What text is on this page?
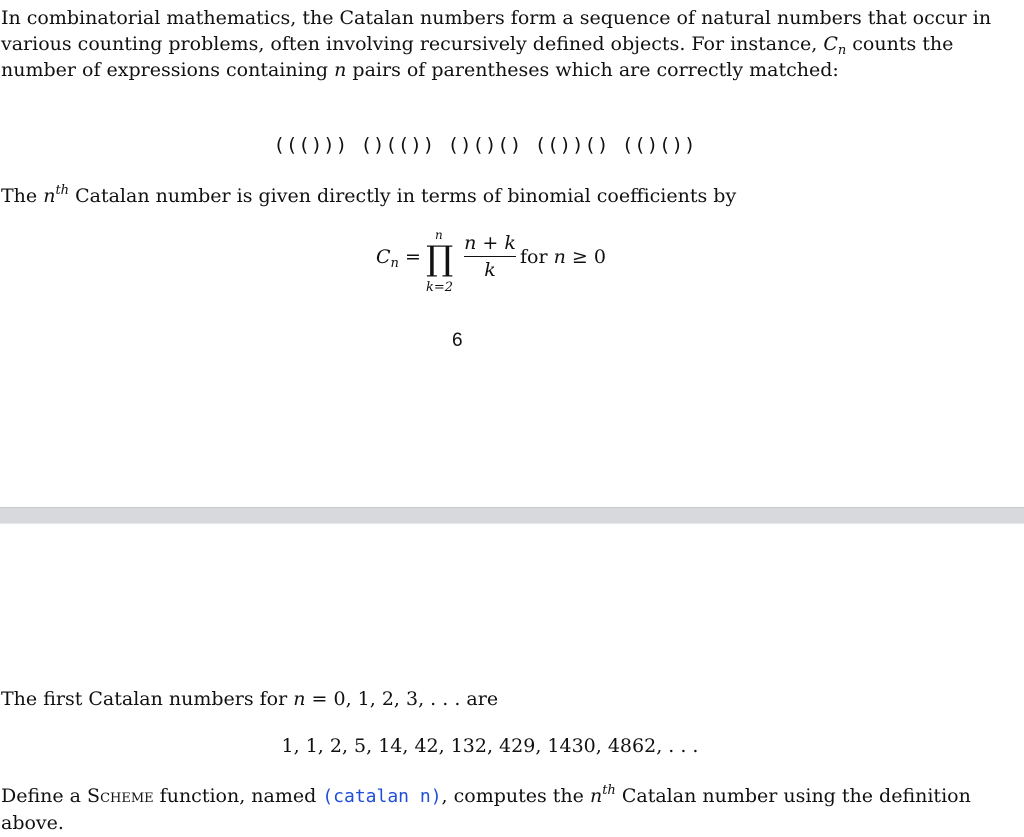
In combinatorial mathematics, the Catalan numbers form a sequence of natural numbers that occur in various counting problems, often involving recursively defined objects. For instance, $C_n$ counts the number of expressions containing n pairs of parentheses which are correctly matched:

((())) ()(()) ()()() (())() (()())

The $n^{th}$ Catalan number is given directly in terms of binomial coefficients by

$C_n$ =
n
∏
k=2
n + k
k
for n ≥ 0
6

The first Catalan numbers for n = 0, 1, 2, 3, . . . are

1, 1, 2, 5, 14, 42, 132, 429, 1430, 4862, . . .

Define a Scheme function, named (catalan n), computes the $n^{th}$ Catalan number using the definition above.
